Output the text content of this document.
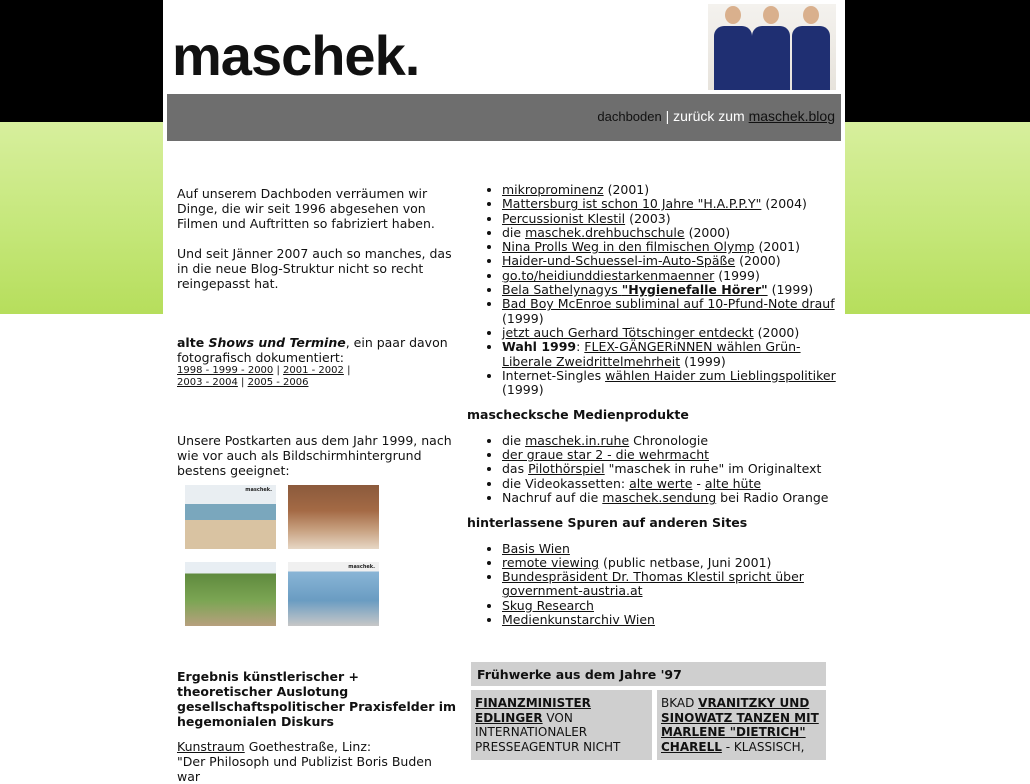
maschek.
dachboden | zurück zum maschek.blog

Auf unserem Dachboden verräumen wir Dinge, die wir seit 1996 abgesehen von Filmen und Auftritten so fabriziert haben.

Und seit Jänner 2007 auch so manches, das in die neue Blog-Struktur nicht so recht reingepasst hat.

alte Shows und Termine, ein paar davon fotografisch dokumentiert:

1998 - 1999 - 2000 | 2001 - 2002 |
2003 - 2004 | 2005 - 2006

Unsere Postkarten aus dem Jahr 1999, nach wie vor auch als Bildschirmhintergrund bestens geeignet:

maschek.
maschek.

Ergebnis künstlerischer + theoretischer Auslotung gesellschaftspolitischer Praxisfelder im hegemonialen Diskurs

Kunstraum Goethestraße, Linz:

"Der Philosoph und Publizist Boris Buden war

• mikroprominenz (2001)
• Mattersburg ist schon 10 Jahre "H.A.P.P.Y" (2004)
• Percussionist Klestil (2003)
• die maschek.drehbuchschule (2000)
• Nina Prolls Weg in den filmischen Olymp (2001)
• Haider-und-Schuessel-im-Auto-Späße (2000)
• go.to/heidiunddiestarkenmaenner (1999)
• Bela Sathelynagys "Hygienefalle Hörer" (1999)
• Bad Boy McEnroe subliminal auf 10-Pfund-Note drauf (1999)
• jetzt auch Gerhard Tötschinger entdeckt (2000)
• Wahl 1999: FLEX-GÄNGERiNNEN wählen Grün-Liberale Zweidrittelmehrheit (1999)
• Internet-Singles wählen Haider zum Lieblingspolitiker (1999)
maschecksche Medienprodukte
• die maschek.in.ruhe Chronologie
• der graue star 2 - die wehrmacht
• das Pilothörspiel "maschek in ruhe" im Originaltext
• die Videokassetten: alte werte - alte hüte
• Nachruf auf die maschek.sendung bei Radio Orange
hinterlassene Spuren auf anderen Sites
• Basis Wien
• remote viewing (public netbase, Juni 2001)
• Bundespräsident Dr. Thomas Klestil spricht über government-austria.at
• Skug Research
• Medienkunstarchiv Wien
Frühwerke aus dem Jahre '97
FINANZMINISTER EDLINGER VON INTERNATIONALER PRESSEAGENTUR NICHT
BKAD VRANITZKY UND SINOWATZ TANZEN MIT MARLENE "DIETRICH" CHARELL - KLASSISCH,
